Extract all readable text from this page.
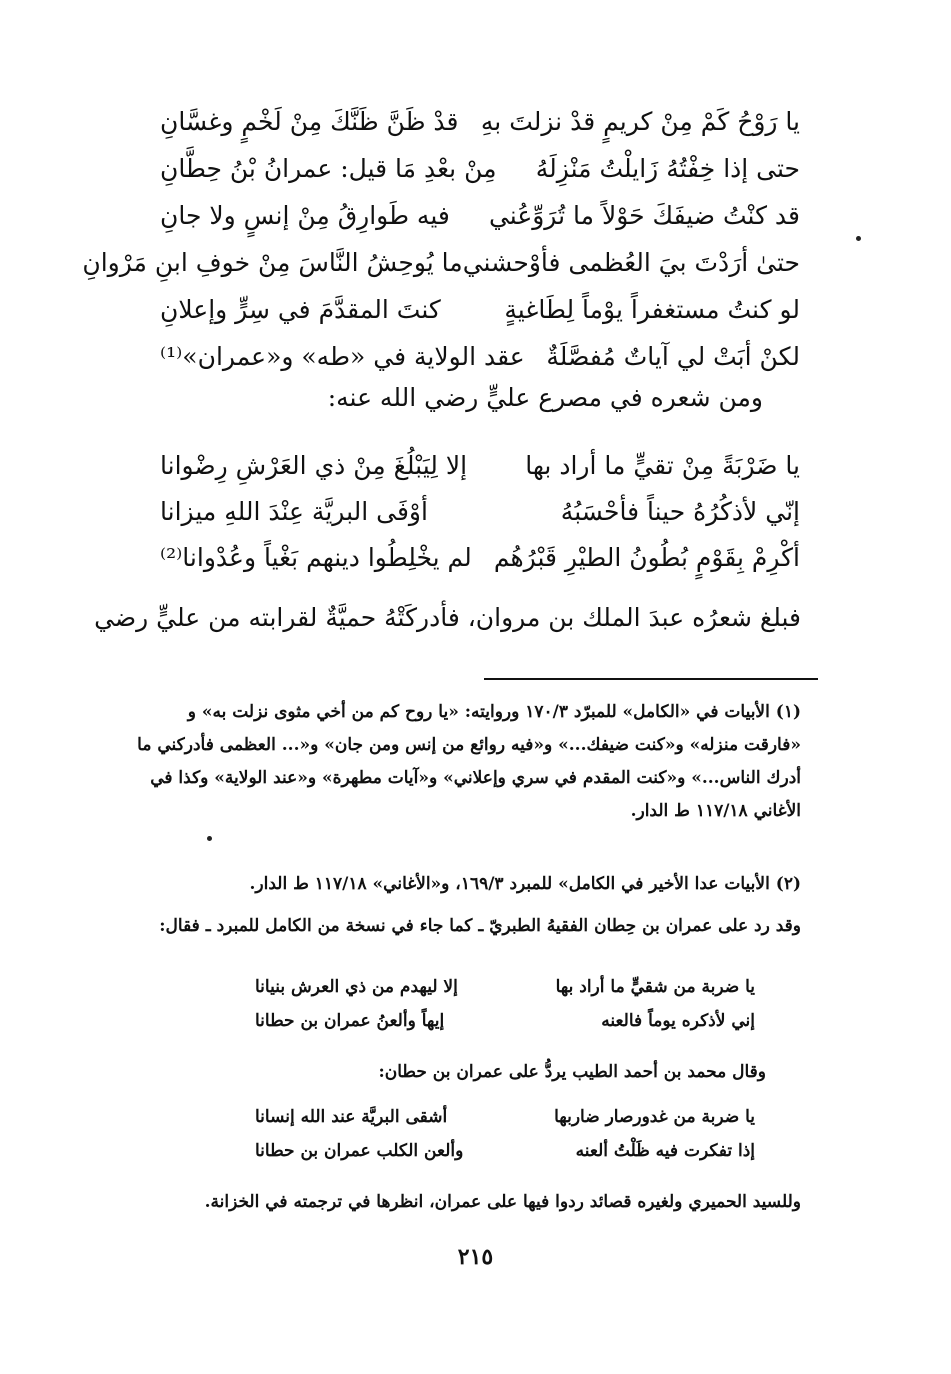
يا رَوْحُ كَمْ مِنْ كريمٍ قدْ نزلتَ بهِ
قدْ ظَنَّ ظَنَّكَ مِنْ لَخْمٍ وغسَّانِ
حتى إذا خِفْتُهُ زَايلْتُ مَنْزِلَهُ
مِنْ بعْدِ مَا قيل: عمرانُ بْنُ حِطَّانِ
قد كنْتُ ضيفَكَ حَوْلاً ما تُرَوِّعُني
فيه طَوارِقُ مِنْ إنسٍ ولا جانِ
حتىٰ أرَدْتَ بيَ العُظمى فأوْحشني
ما يُوحِشُ النَّاسَ مِنْ خوفِ ابنِ مَرْوانِ
لو كنتُ مستغفراً يوْماً لِطَاغيةٍ
كنتَ المقدَّمَ في سِرٍّ وإعلانِ
لكنْ أبَتْ لي آياتٌ مُفصَّلَةٌ
عقد الولاية في «طه» و«عمران»⁽¹⁾
ومن شعره في مصرع عليٍّ رضي الله عنه:
يا ضَرْبَةً مِنْ تقيٍّ ما أراد بها
إلا لِيَبْلُغَ مِنْ ذي العَرْشِ رِضْوانا
إنّي لأذكُرُهُ حيناً فأحْسَبُهُ
أوْفَى البريَّة عِنْدَ اللهِ ميزانا
أكْرِمْ بِقَوْمٍ بُطُونُ الطيْرِ قَبْرُهُم
لم يخْلِطُوا دينهم بَغْياً وعُدْوانا⁽²⁾
فبلغ شعرُه عبدَ الملك بن مروان، فأدركَتْهُ حميَّةٌ لقرابته من عليٍّ رضي

(١) الأبيات في «الكامل» للمبرّد ١٧٠/٣ وروايته: «يا روح كم من أخي مثوى نزلت به» و

«فارقت منزله» و«كنت ضيفك...» و«فيه روائع من إنس ومن جان» و«... العظمى فأدركني ما

أدرك الناس...» و«كنت المقدم في سري وإعلاني» و«آيات مطهرة» و«عند الولاية» وكذا في

الأغاني ١١٧/١٨ ط الدار.

(٢) الأبيات عدا الأخير في الكامل» للمبرد ١٦٩/٣، و«الأغاني» ١١٧/١٨ ط الدار.

وقد رد على عمران بن حِطان الفقيهُ الطبريّ ـ كما جاء في نسخة من الكامل للمبرد ـ فقال:

يا ضربة من شقيٍّ ما أراد بها
إلا ليهدم من ذي العرش بنيانا
إني لأذكره يوماً فالعنه
إيهاً وألعنُ عمران بن حطانا

وقال محمد بن أحمد الطيب يردُّ على عمران بن حطان:

يا ضربة من غدورصار ضاربها
أشقى البريَّة عند الله إنسانا
إذا تفكرت فيه ظَلْتُ ألعنه
وألعن الكلب عمران بن حطانا

وللسيد الحميري ولغيره قصائد ردوا فيها على عمران، انظرها في ترجمته في الخزانة.

٢١٥
